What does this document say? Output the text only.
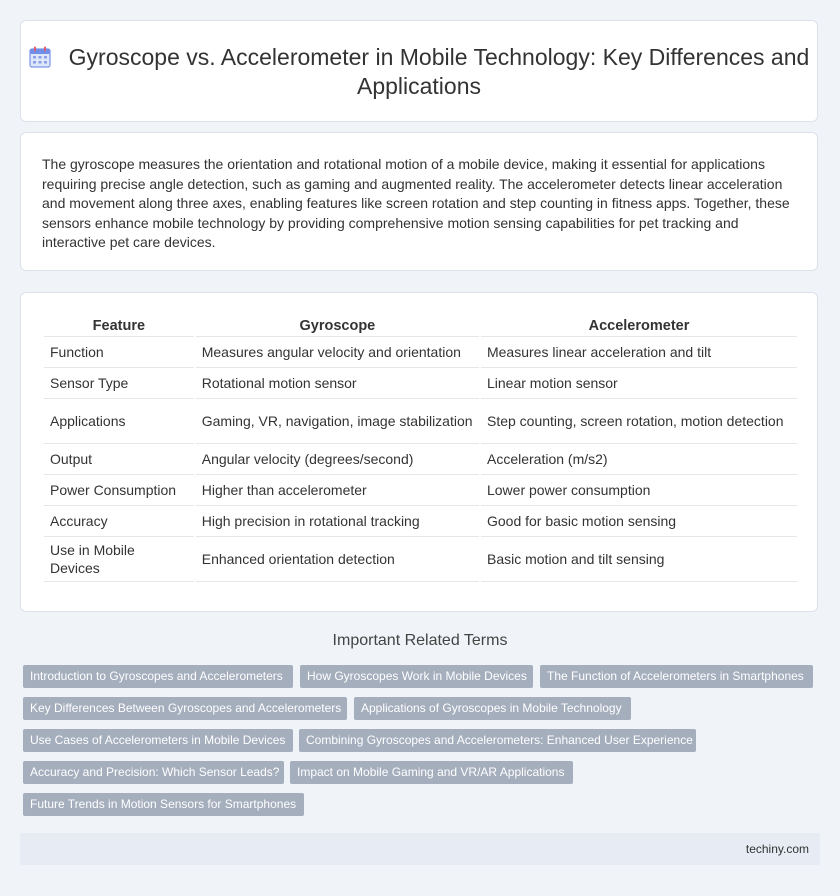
Gyroscope vs. Accelerometer in Mobile Technology: Key Differences and Applications

The gyroscope measures the orientation and rotational motion of a mobile device, making it essential for applications requiring precise angle detection, such as gaming and augmented reality. The accelerometer detects linear acceleration and movement along three axes, enabling features like screen rotation and step counting in fitness apps. Together, these sensors enhance mobile technology by providing comprehensive motion sensing capabilities for pet tracking and interactive pet care devices.

Feature	Gyroscope	Accelerometer
Function	Measures angular velocity and orientation	Measures linear acceleration and tilt
Sensor Type	Rotational motion sensor	Linear motion sensor
Applications	Gaming, VR, navigation, image stabilization	Step counting, screen rotation, motion detection
Output	Angular velocity (degrees/second)	Acceleration (m/s2)
Power Consumption	Higher than accelerometer	Lower power consumption
Accuracy	High precision in rotational tracking	Good for basic motion sensing
Use in Mobile Devices	Enhanced orientation detection	Basic motion and tilt sensing
Important Related Terms
Introduction to Gyroscopes and Accelerometers	How Gyroscopes Work in Mobile Devices	The Function of Accelerometers in Smartphones
Key Differences Between Gyroscopes and Accelerometers	Applications of Gyroscopes in Mobile Technology
Use Cases of Accelerometers in Mobile Devices	Combining Gyroscopes and Accelerometers: Enhanced User Experience
Accuracy and Precision: Which Sensor Leads?	Impact on Mobile Gaming and VR/AR Applications
Future Trends in Motion Sensors for Smartphones
techiny.com
